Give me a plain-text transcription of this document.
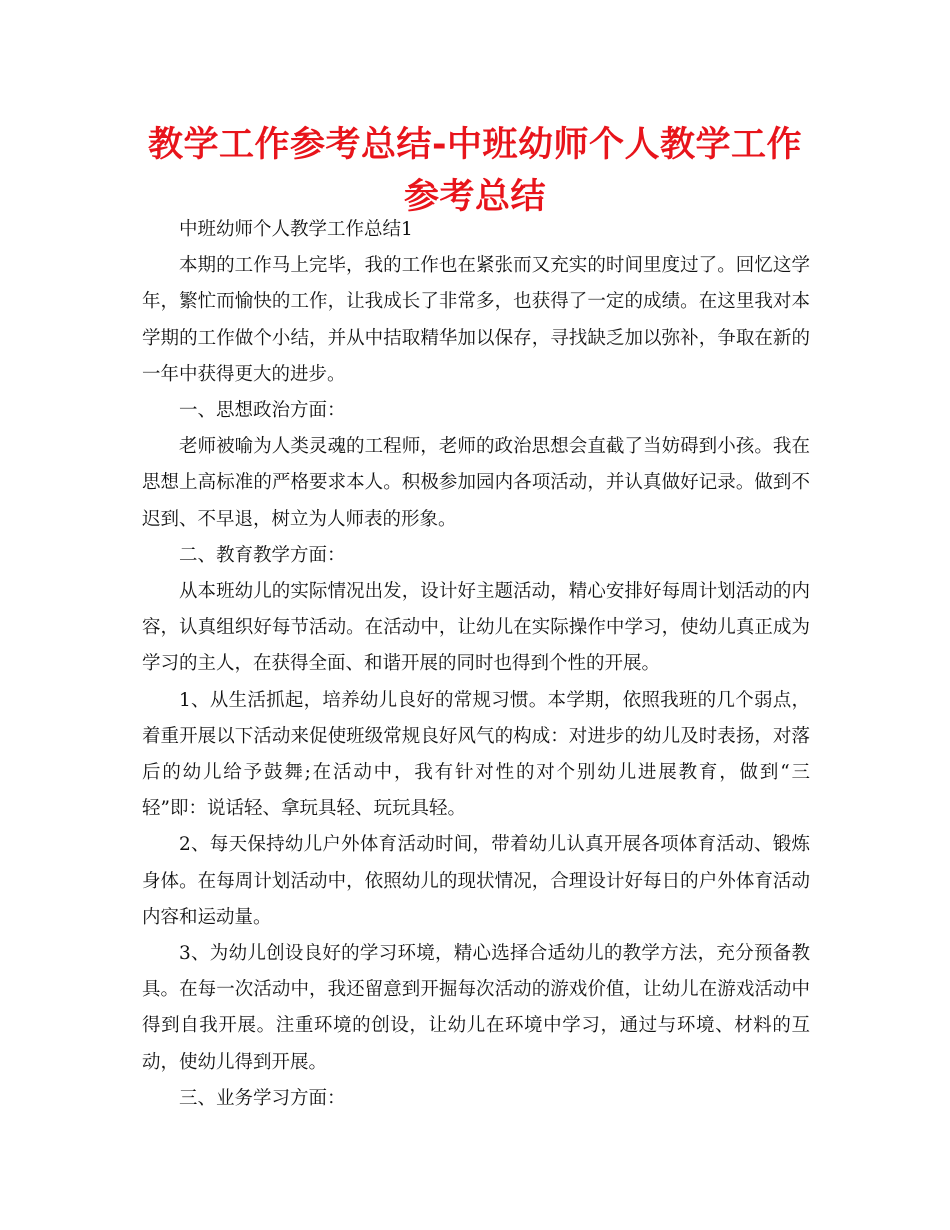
教学工作参考总结-中班幼师个人教学工作参考总结

中班幼师个人教学工作总结1

本期的工作马上完毕，我的工作也在紧张而又充实的时间里度过了。回忆这学年，繁忙而愉快的工作，让我成长了非常多，也获得了一定的成绩。在这里我对本学期的工作做个小结，并从中拮取精华加以保存，寻找缺乏加以弥补，争取在新的一年中获得更大的进步。

一、思想政治方面：

老师被喻为人类灵魂的工程师，老师的政治思想会直截了当妨碍到小孩。我在思想上高标准的严格要求本人。积极参加园内各项活动，并认真做好记录。做到不迟到、不早退，树立为人师表的形象。

二、教育教学方面：

从本班幼儿的实际情况出发，设计好主题活动，精心安排好每周计划活动的内容，认真组织好每节活动。在活动中，让幼儿在实际操作中学习，使幼儿真正成为学习的主人，在获得全面、和谐开展的同时也得到个性的开展。

1、从生活抓起，培养幼儿良好的常规习惯。本学期，依照我班的几个弱点，着重开展以下活动来促使班级常规良好风气的构成：对进步的幼儿及时表扬，对落后的幼儿给予鼓舞;在活动中，我有针对性的对个别幼儿进展教育，做到“三轻”即：说话轻、拿玩具轻、玩玩具轻。

2、每天保持幼儿户外体育活动时间，带着幼儿认真开展各项体育活动、锻炼身体。在每周计划活动中，依照幼儿的现状情况，合理设计好每日的户外体育活动内容和运动量。

3、为幼儿创设良好的学习环境，精心选择合适幼儿的教学方法，充分预备教具。在每一次活动中，我还留意到开掘每次活动的游戏价值，让幼儿在游戏活动中得到自我开展。注重环境的创设，让幼儿在环境中学习，通过与环境、材料的互动，使幼儿得到开展。

三、业务学习方面：
